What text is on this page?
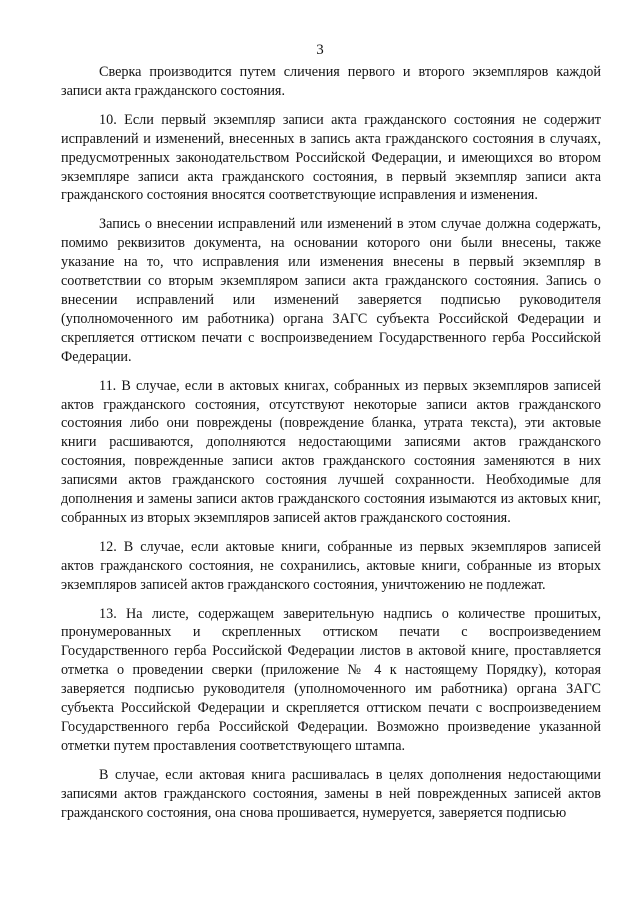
3

Сверка производится путем сличения первого и второго экземпляров каждой записи акта гражданского состояния.

10. Если первый экземпляр записи акта гражданского состояния не содержит исправлений и изменений, внесенных в запись акта гражданского состояния в случаях, предусмотренных законодательством Российской Федерации, и имеющихся во втором экземпляре записи акта гражданского состояния, в первый экземпляр записи акта гражданского состояния вносятся соответствующие исправления и изменения.

Запись о внесении исправлений или изменений в этом случае должна содержать, помимо реквизитов документа, на основании которого они были внесены, также указание на то, что исправления или изменения внесены в первый экземпляр в соответствии со вторым экземпляром записи акта гражданского состояния. Запись о внесении исправлений или изменений заверяется подписью руководителя (уполномоченного им работника) органа ЗАГС субъекта Российской Федерации и скрепляется оттиском печати с воспроизведением Государственного герба Российской Федерации.

11. В случае, если в актовых книгах, собранных из первых экземпляров записей актов гражданского состояния, отсутствуют некоторые записи актов гражданского состояния либо они повреждены (повреждение бланка, утрата текста), эти актовые книги расшиваются, дополняются недостающими записями актов гражданского состояния, поврежденные записи актов гражданского состояния заменяются в них записями актов гражданского состояния лучшей сохранности. Необходимые для дополнения и замены записи актов гражданского состояния изымаются из актовых книг, собранных из вторых экземпляров записей актов гражданского состояния.

12. В случае, если актовые книги, собранные из первых экземпляров записей актов гражданского состояния, не сохранились, актовые книги, собранные из вторых экземпляров записей актов гражданского состояния, уничтожению не подлежат.

13. На листе, содержащем заверительную надпись о количестве прошитых, пронумерованных и скрепленных оттиском печати с воспроизведением Государственного герба Российской Федерации листов в актовой книге, проставляется отметка о проведении сверки (приложение № 4 к настоящему Порядку), которая заверяется подписью руководителя (уполномоченного им работника) органа ЗАГС субъекта Российской Федерации и скрепляется оттиском печати с воспроизведением Государственного герба Российской Федерации. Возможно произведение указанной отметки путем проставления соответствующего штампа.

В случае, если актовая книга расшивалась в целях дополнения недостающими записями актов гражданского состояния, замены в ней поврежденных записей актов гражданского состояния, она снова прошивается, нумеруется, заверяется подписью
